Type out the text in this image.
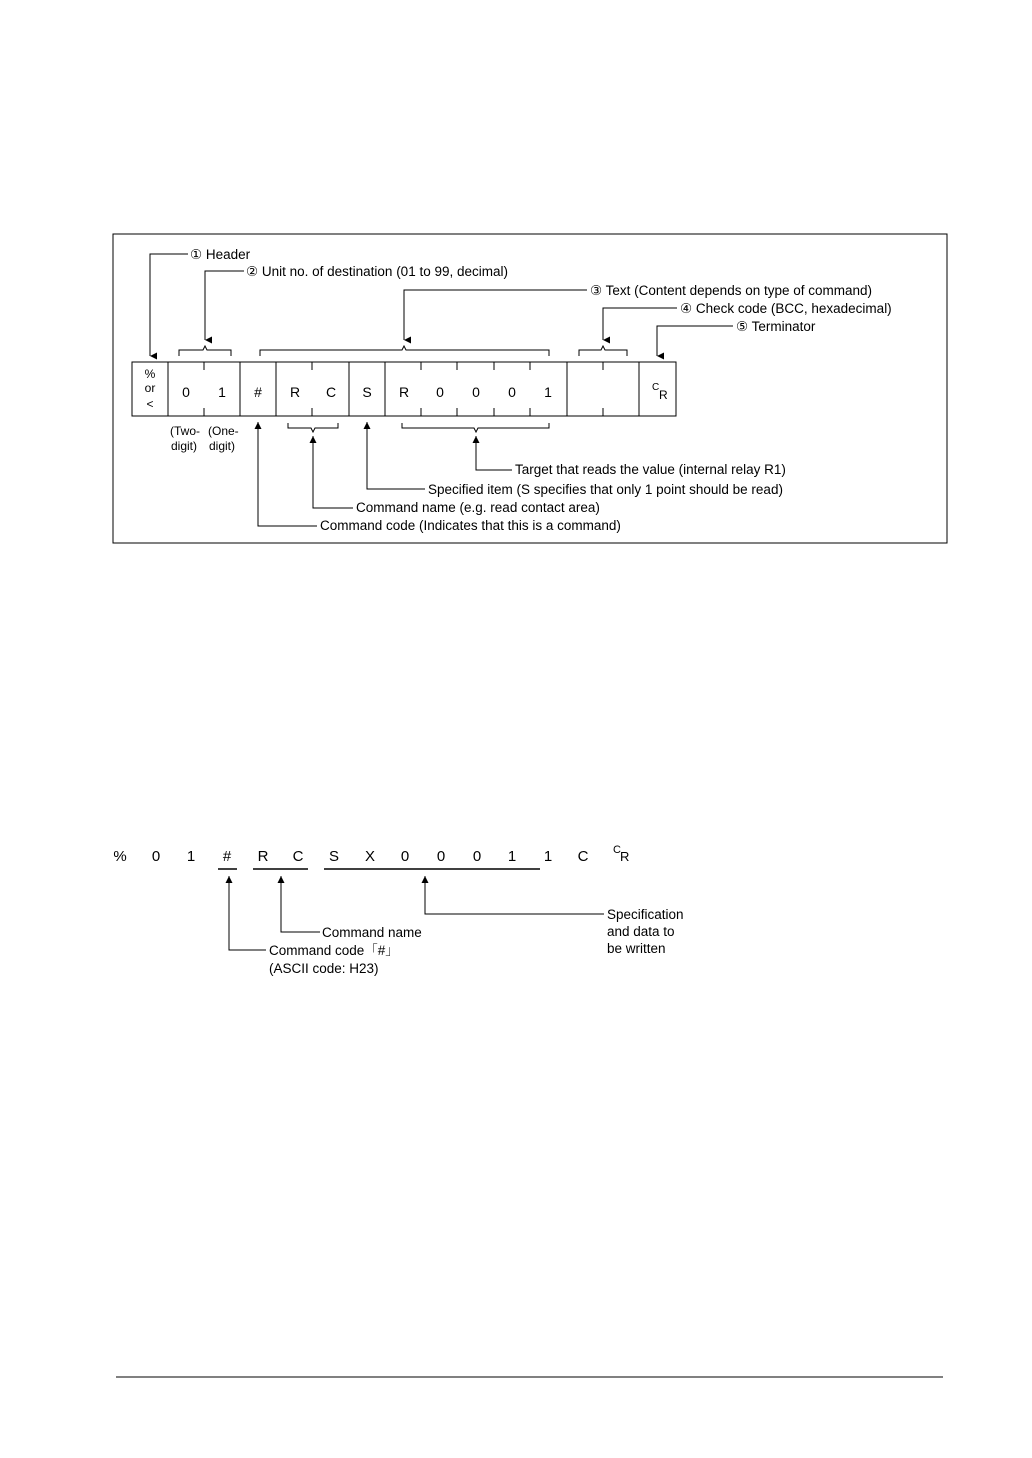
① Header
② Unit no. of destination (01 to 99, decimal)
③ Text (Content depends on type of command)
④ Check code (BCC, hexadecimal)
⑤ Terminator
%
or
<
0 1 # R C S R 0 0 0 1	C
R
(Two-
digit)
(One-
digit)
Target that reads the value (internal relay R1)
Specified item (S specifies that only 1 point should be read)
Command name (e.g. read contact area)
Command code (Indicates that this is a command)
% 0 1 # R C S X 0 0 0 1 1 C C R
Command name
Command code「#」
(ASCII code: H23)
Specification
and data to
be written
